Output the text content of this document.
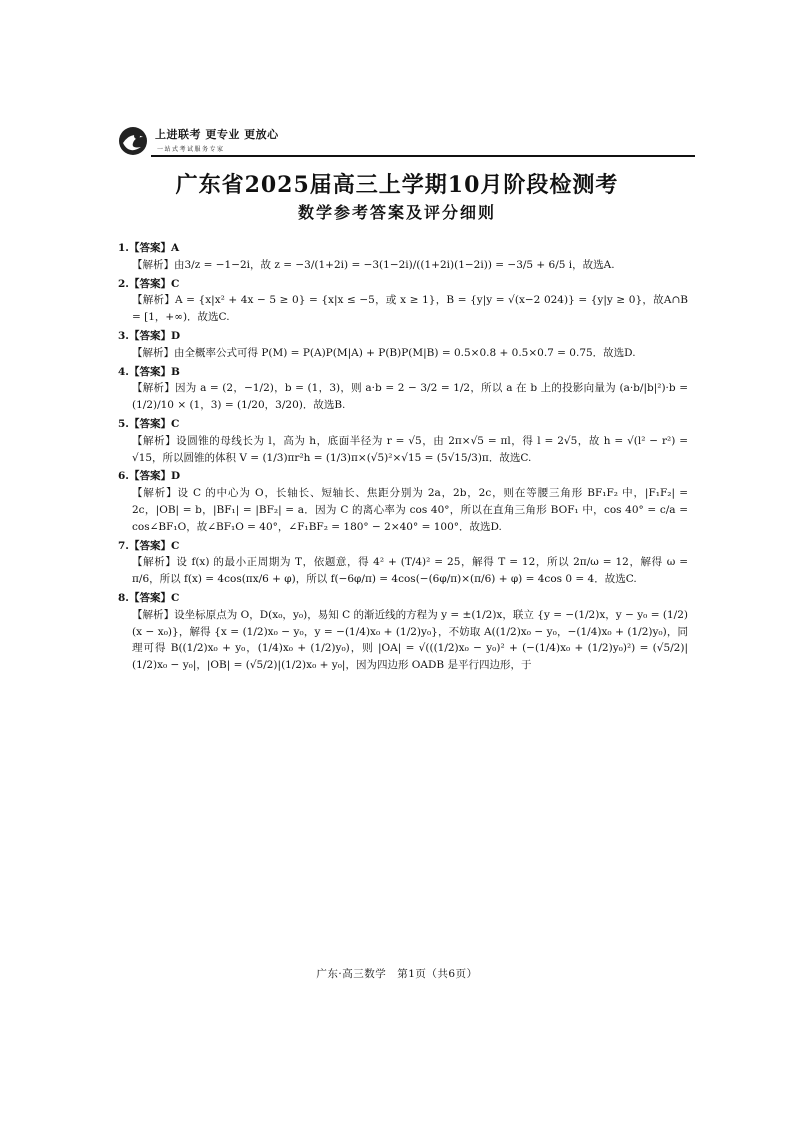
上进联考 更专业 更放心
一站式考试服务专家
广东省2025届高三上学期10月阶段检测考
数学参考答案及评分细则
1.【答案】A
【解析】由3/z = −1−2i，故 z = −3/(1+2i) = −3(1−2i)/((1+2i)(1−2i)) = −3/5 + 6/5 i，故选A.
2.【答案】C
【解析】A = {x|x² + 4x − 5 ≥ 0} = {x|x ≤ −5，或 x ≥ 1}，B = {y|y = √(x−2 024)} = {y|y ≥ 0}，故A∩B = [1，+∞)．故选C.
3.【答案】D
【解析】由全概率公式可得 P(M) = P(A)P(M|A) + P(B)P(M|B) = 0.5×0.8 + 0.5×0.7 = 0.75．故选D.
4.【答案】B
【解析】因为 a = (2，−1/2)，b = (1，3)，则 a·b = 2 − 3/2 = 1/2，所以 a 在 b 上的投影向量为 (a·b/|b|²)·b = (1/2)/10 × (1，3) = (1/20，3/20)．故选B.
5.【答案】C
【解析】设圆锥的母线长为 l，高为 h，底面半径为 r = √5，由 2π×√5 = πl，得 l = 2√5，故 h = √(l² − r²) = √15，所以圆锥的体积 V = (1/3)πr²h = (1/3)π×(√5)²×√15 = (5√15/3)π．故选C.
6.【答案】D
【解析】设 C 的中心为 O，长轴长、短轴长、焦距分别为 2a，2b，2c，则在等腰三角形 BF₁F₂ 中，|F₁F₂| = 2c，|OB| = b，|BF₁| = |BF₂| = a．因为 C 的离心率为 cos 40°，所以在直角三角形 BOF₁ 中，cos 40° = c/a = cos∠BF₁O，故∠BF₁O = 40°，∠F₁BF₂ = 180° − 2×40° = 100°．故选D.
7.【答案】C
【解析】设 f(x) 的最小正周期为 T，依题意，得 4² + (T/4)² = 25，解得 T = 12，所以 2π/ω = 12，解得 ω = π/6，所以 f(x) = 4cos(πx/6 + φ)，所以 f(−6φ/π) = 4cos(−(6φ/π)×(π/6) + φ) = 4cos 0 = 4．故选C.
8.【答案】C
【解析】设坐标原点为 O，D(x₀，y₀)，易知 C 的渐近线的方程为 y = ±(1/2)x，联立 {y = −(1/2)x，y − y₀ = (1/2)(x − x₀)}，解得 {x = (1/2)x₀ − y₀，y = −(1/4)x₀ + (1/2)y₀}，不妨取 A((1/2)x₀ − y₀，−(1/4)x₀ + (1/2)y₀)，同理可得 B((1/2)x₀ + y₀，(1/4)x₀ + (1/2)y₀)，则 |OA| = √(((1/2)x₀ − y₀)² + (−(1/4)x₀ + (1/2)y₀)²) = (√5/2)|(1/2)x₀ − y₀|，|OB| = (√5/2)|(1/2)x₀ + y₀|，因为四边形 OADB 是平行四边形，于
广东·高三数学　第1页（共6页）
